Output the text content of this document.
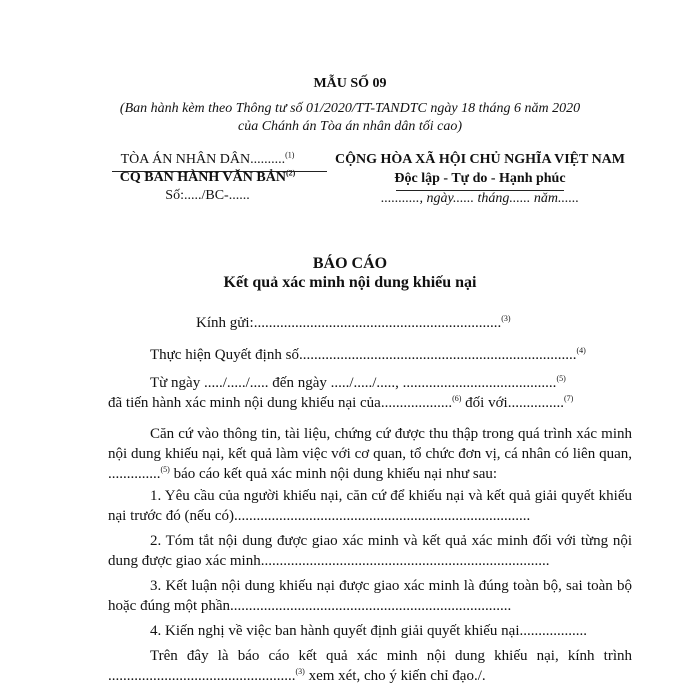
MẪU SỐ 09
(Ban hành kèm theo Thông tư số 01/2020/TT-TANDTC ngày 18 tháng 6 năm 2020
của Chánh án Tòa án nhân dân tối cao)
TÒA ÁN NHÂN DÂN..........$^{(1)}$
CQ BAN HÀNH VĂN BẢN$^{(2)}$
Số:...../BC-......
CỘNG HÒA XÃ HỘI CHỦ NGHĨA VIỆT NAM
Độc lập - Tự do - Hạnh phúc
..........., ngày...... tháng...... năm......
BÁO CÁO
Kết quả xác minh nội dung khiếu nại
Kính gửi:..................................................................$^{(3)}$
Thực hiện Quyết định số..........................................................................$^{(4)}$
Từ ngày ...../...../..... đến ngày ...../...../....., .........................................$^{(5)}$
đã tiến hành xác minh nội dung khiếu nại của...................$^{(6)}$ đối với...............$^{(7)}$

Căn cứ vào thông tin, tài liệu, chứng cứ được thu thập trong quá trình xác minh nội dung khiếu nại, kết quả làm việc với cơ quan, tổ chức đơn vị, cá nhân có liên quan, ..............$^{(5)}$ báo cáo kết quả xác minh nội dung khiếu nại như sau:

1. Yêu cầu của người khiếu nại, căn cứ để khiếu nại và kết quả giải quyết khiếu nại trước đó (nếu có)...............................................................................

2. Tóm tắt nội dung được giao xác minh và kết quả xác minh đối với từng nội dung được giao xác minh.............................................................................

3. Kết luận nội dung khiếu nại được giao xác minh là đúng toàn bộ, sai toàn bộ hoặc đúng một phần...........................................................................

4. Kiến nghị về việc ban hành quyết định giải quyết khiếu nại..................

Trên đây là báo cáo kết quả xác minh nội dung khiếu nại, kính trình ..................................................$^{(3)}$ xem xét, cho ý kiến chỉ đạo./.
